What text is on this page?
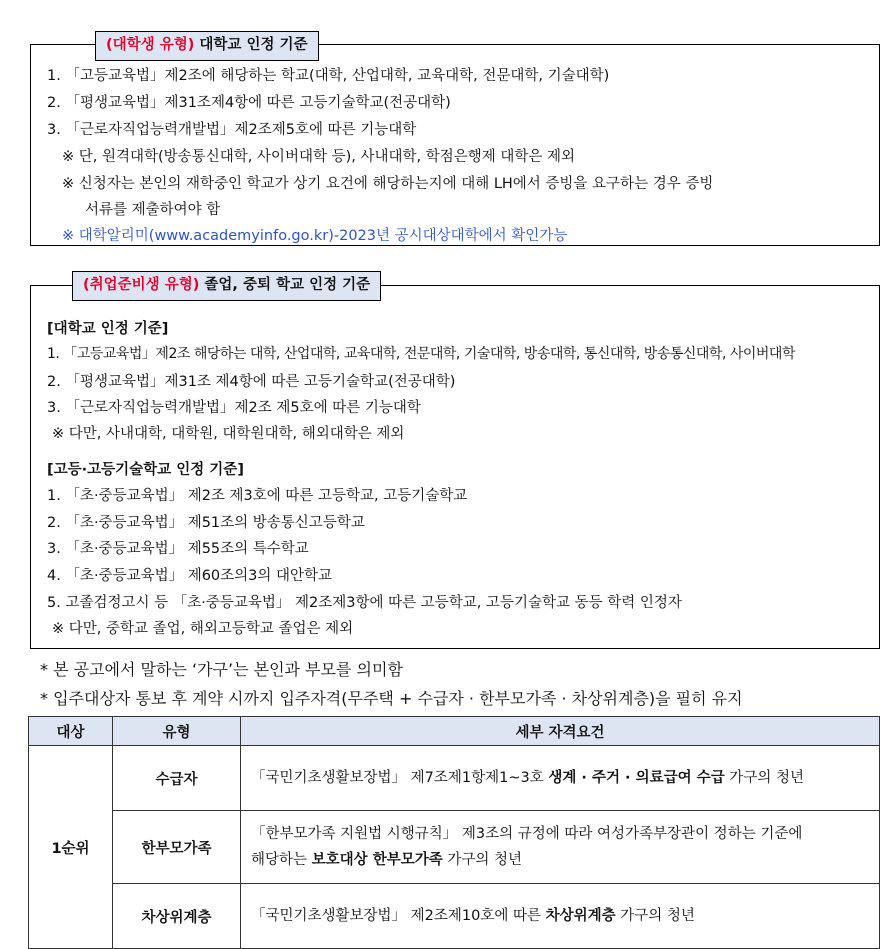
(대학생 유형) 대학교 인정 기준
1. 「고등교육법」제2조에 해당하는 학교(대학, 산업대학, 교육대학, 전문대학, 기술대학)
2. 「평생교육법」제31조제4항에 따른 고등기술학교(전공대학)
3. 「근로자직업능력개발법」제2조제5호에 따른 기능대학
※ 단, 원격대학(방송통신대학, 사이버대학 등), 사내대학, 학점은행제 대학은 제외
※ 신청자는 본인의 재학중인 학교가 상기 요건에 해당하는지에 대해 LH에서 증빙을 요구하는 경우 증빙
서류를 제출하여야 함
※ 대학알리미(www.academyinfo.go.kr)-2023년 공시대상대학에서 확인가능
(취업준비생 유형) 졸업, 중퇴 학교 인정 기준
[대학교 인정 기준]
1. 「고등교육법」제2조 해당하는 대학, 산업대학, 교육대학, 전문대학, 기술대학, 방송대학, 통신대학, 방송통신대학, 사이버대학
2. 「평생교육법」제31조 제4항에 따른 고등기술학교(전공대학)
3. 「근로자직업능력개발법」제2조 제5호에 따른 기능대학
※ 다만, 사내대학, 대학원, 대학원대학, 해외대학은 제외
[고등·고등기술학교 인정 기준]
1. 「초·중등교육법」 제2조 제3호에 따른 고등학교, 고등기술학교
2. 「초·중등교육법」 제51조의 방송통신고등학교
3. 「초·중등교육법」 제55조의 특수학교
4. 「초·중등교육법」 제60조의3의 대안학교
5. 고졸검정고시 등 「초·중등교육법」 제2조제3항에 따른 고등학교, 고등기술학교 동등 학력 인정자
※ 다만, 중학교 졸업, 해외고등학교 졸업은 제외
* 본 공고에서 말하는 ‘가구’는 본인과 부모를 의미함
* 입주대상자 통보 후 계약 시까지 입주자격(무주택 + 수급자 · 한부모가족 · 차상위계층)을 필히 유지
대상	유형	세부 자격요건
1순위	수급자	「국민기초생활보장법」 제7조제1항제1~3호 생계 · 주거 · 의료급여 수급 가구의 청년
	한부모가족	「한부모가족 지원법 시행규칙」 제3조의 규정에 따라 여성가족부장관이 정하는 기준에
해당하는 보호대상 한부모가족 가구의 청년
	차상위계층	「국민기초생활보장법」 제2조제10호에 따른 차상위계층 가구의 청년
